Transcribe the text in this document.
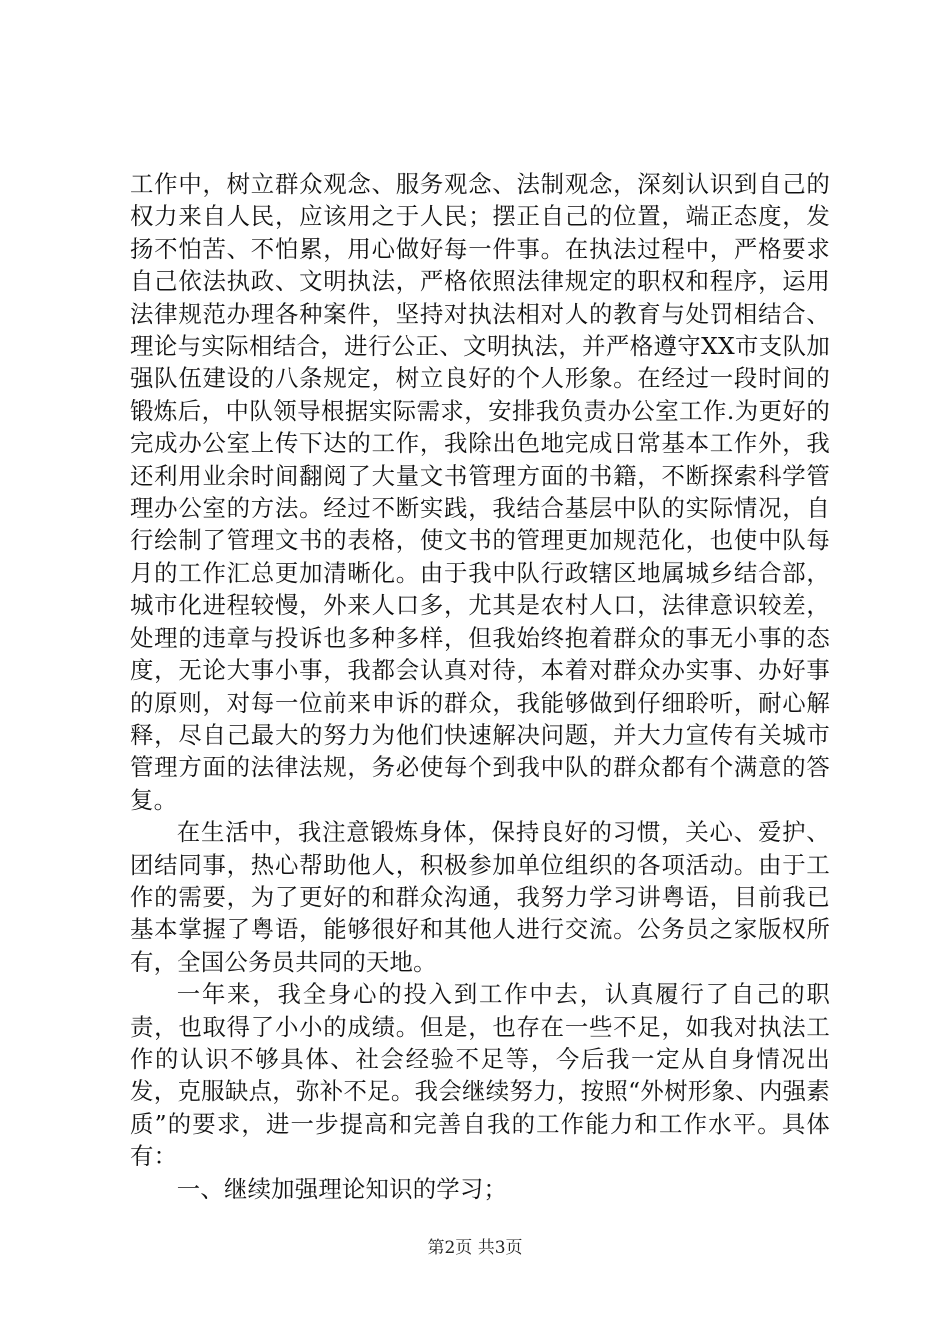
工作中，树立群众观念、服务观念、法制观念，深刻认识到自己的权力来自人民，应该用之于人民；摆正自己的位置，端正态度，发扬不怕苦、不怕累，用心做好每一件事。在执法过程中，严格要求自己依法执政、文明执法，严格依照法律规定的职权和程序，运用法律规范办理各种案件，坚持对执法相对人的教育与处罚相结合、理论与实际相结合，进行公正、文明执法，并严格遵守XX市支队加强队伍建设的八条规定，树立良好的个人形象。在经过一段时间的锻炼后，中队领导根据实际需求，安排我负责办公室工作.为更好的完成办公室上传下达的工作，我除出色地完成日常基本工作外，我还利用业余时间翻阅了大量文书管理方面的书籍，不断探索科学管理办公室的方法。经过不断实践，我结合基层中队的实际情况，自行绘制了管理文书的表格，使文书的管理更加规范化，也使中队每月的工作汇总更加清晰化。由于我中队行政辖区地属城乡结合部，城市化进程较慢，外来人口多，尤其是农村人口，法律意识较差，处理的违章与投诉也多种多样，但我始终抱着群众的事无小事的态度，无论大事小事，我都会认真对待，本着对群众办实事、办好事的原则，对每一位前来申诉的群众，我能够做到仔细聆听，耐心解释，尽自己最大的努力为他们快速解决问题，并大力宣传有关城市管理方面的法律法规，务必使每个到我中队的群众都有个满意的答复。

在生活中，我注意锻炼身体，保持良好的习惯，关心、爱护、团结同事，热心帮助他人，积极参加单位组织的各项活动。由于工作的需要，为了更好的和群众沟通，我努力学习讲粤语，目前我已基本掌握了粤语，能够很好和其他人进行交流。公务员之家版权所有，全国公务员共同的天地。

一年来，我全身心的投入到工作中去，认真履行了自己的职责，也取得了小小的成绩。但是，也存在一些不足，如我对执法工作的认识不够具体、社会经验不足等，今后我一定从自身情况出发，克服缺点，弥补不足。我会继续努力，按照“外树形象、内强素质”的要求，进一步提高和完善自我的工作能力和工作水平。具体有：

一、继续加强理论知识的学习；

第2页 共3页
